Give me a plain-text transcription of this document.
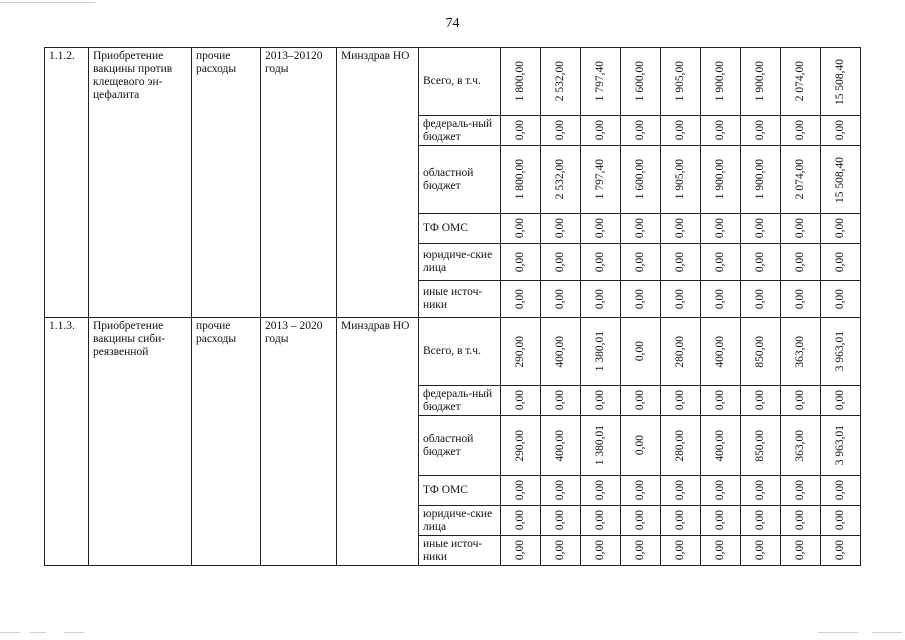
74
1.1.2.	Приобретение вакцины против клещевого эн-цефалита	прочие расходы	2013–20120 годы	Минздрав НО	Всего, в т.ч.	1 800,00	2 532,00	1 797,40	1 600,00	1 905,00	1 900,00	1 900,00	2 074,00	15 508,40

					федераль-ный бюджет	0,00	0,00	0,00	0,00	0,00	0,00	0,00	0,00	0,00

					областной бюджет	1 800,00	2 532,00	1 797,40	1 600,00	1 905,00	1 900,00	1 900,00	2 074,00	15 508,40

					ТФ ОМС	0,00	0,00	0,00	0,00	0,00	0,00	0,00	0,00	0,00

					юридиче-ские лица	0,00	0,00	0,00	0,00	0,00	0,00	0,00	0,00	0,00

					иные источ-ники	0,00	0,00	0,00	0,00	0,00	0,00	0,00	0,00	0,00

1.1.3.	Приобретение вакцины сиби-реязвенной	прочие расходы	2013 – 2020 годы	Минздрав НО	Всего, в т.ч.	290,00	400,00	1 380,01	0,00	280,00	400,00	850,00	363,00	3 963,01

					федераль-ный бюджет	0,00	0,00	0,00	0,00	0,00	0,00	0,00	0,00	0,00

					областной бюджет	290,00	400,00	1 380,01	0,00	280,00	400,00	850,00	363,00	3 963,01

					ТФ ОМС	0,00	0,00	0,00	0,00	0,00	0,00	0,00	0,00	0,00

					юридиче-ские лица	0,00	0,00	0,00	0,00	0,00	0,00	0,00	0,00	0,00

					иные источ-ники	0,00	0,00	0,00	0,00	0,00	0,00	0,00	0,00	0,00
